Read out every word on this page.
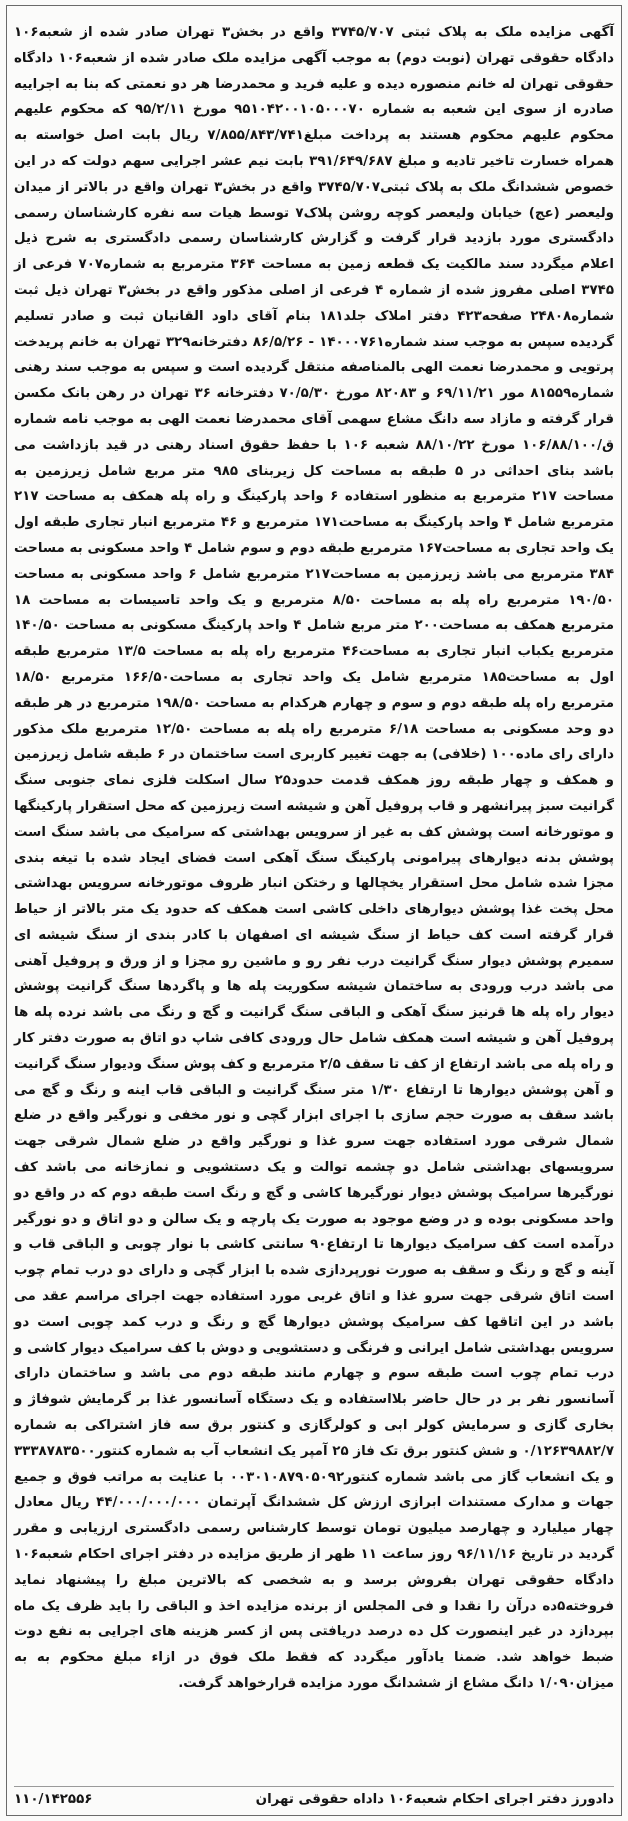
آگهی مزایده ملک به پلاک ثبتی ۳۷۴۵/۷۰۷ واقع در بخش۳ تهران صادر شده از شعبه۱۰۶ دادگاه حقوقی تهران (نوبت دوم) به موجب آگهی مزایده ملک صادر شده از شعبه۱۰۶ دادگاه حقوقی تهران له خانم منصوره دیده و علیه فرید و محمدرضا هر دو نعمتی که بنا به اجراییه صادره از سوی این شعبه به شماره ۹۵۱۰۴۲۰۰۱۰۵۰۰۰۷۰ مورخ ۹۵/۲/۱۱ که محکوم علیهم محکوم علیهم محکوم هستند به پرداخت مبلغ۷/۸۵۵/۸۴۳/۷۴۱ ریال بابت اصل خواسته به همراه خسارت تاخیر تادیه و مبلغ ۳۹۱/۶۴۹/۶۸۷ بابت نیم عشر اجرایی سهم دولت که در این خصوص ششدانگ ملک به پلاک ثبتی۳۷۴۵/۷۰۷ واقع در بخش۳ تهران واقع در بالاتر از میدان ولیعصر (عج) خیابان ولیعصر کوچه روشن پلاک۷ توسط هیات سه نفره کارشناسان رسمی دادگستری مورد بازدید قرار گرفت و گزارش کارشناسان رسمی دادگستری به شرح ذیل اعلام میگردد سند مالکیت یک قطعه زمین به مساحت ۳۶۴ مترمربع به شماره۷۰۷ فرعی از ۳۷۴۵ اصلی مفروز شده از شماره ۴ فرعی از اصلی مذکور واقع در بخش۳ تهران ذیل ثبت شماره۲۴۸۰۸ صفحه۴۲۳ دفتر املاک جلد۱۸۱ بنام آقای داود القانیان ثبت و صادر تسلیم گردیده سپس به موجب سند شماره۱۴۰۰۰۷۶۱ - ۸۶/۵/۲۶ دفترخانه۳۲۹ تهران به خانم پریدخت پرتویی و محمدرضا نعمت الهی بالمناصفه منتقل گردیده است و سپس به موجب سند رهنی شماره۸۱۵۵۹ مور ۶۹/۱۱/۲۱ و ۸۲۰۸۳ مورخ ۷۰/۵/۳۰ دفترخانه ۳۶ تهران در رهن بانک مکسن قرار گرفته و مازاد سه دانگ مشاع سهمی آقای محمدرضا نعمت الهی به موجب نامه شماره ق/۱۰۶/۸۸/۱۰۰ مورخ ۸۸/۱۰/۲۲ شعبه ۱۰۶ با حفظ حقوق اسناد رهنی در قید بازداشت می باشد بنای احداثی در ۵ طبقه به مساحت کل زیربنای ۹۸۵ متر مربع شامل زیرزمین به مساحت ۲۱۷ مترمربع به منظور استفاده ۶ واحد پارکینگ و راه پله همکف به مساحت ۲۱۷ مترمربع شامل ۴ واحد پارکینگ به مساحت۱۷۱ مترمربع و ۴۶ مترمربع انبار تجاری طبقه اول یک واحد تجاری به مساحت۱۶۷ مترمربع طبقه دوم و سوم شامل ۴ واحد مسکونی به مساحت ۳۸۴ مترمربع می باشد زیرزمین به مساحت۲۱۷ مترمربع شامل ۶ واحد مسکونی به مساحت ۱۹۰/۵۰ مترمربع راه پله به مساحت ۸/۵۰ مترمربع و یک واحد تاسیسات به مساحت ۱۸ مترمربع همکف به مساحت۲۰۰ متر مربع شامل ۴ واحد پارکینگ مسکونی به مساحت ۱۴۰/۵۰ مترمربع یکباب انبار تجاری به مساحت۴۶ مترمربع راه پله به مساحت ۱۳/۵ مترمربع طبقه اول به مساحت۱۸۵ مترمربع شامل یک واحد تجاری به مساحت۱۶۶/۵۰ مترمربع ۱۸/۵۰ مترمربع راه پله طبقه دوم و سوم و چهارم هرکدام به مساحت ۱۹۸/۵۰ مترمربع در هر طبقه دو وحد مسکونی به مساحت ۶/۱۸ مترمربع راه پله به مساحت ۱۲/۵۰ مترمربع ملک مذکور دارای رای ماده۱۰۰ (خلافی) به جهت تغییر کاربری است ساختمان در ۶ طبقه شامل زیرزمین و همکف و چهار طبقه روز همکف قدمت حدود۲۵ سال اسکلت فلزی نمای جنوبی سنگ گرانیت سبز پیرانشهر و قاب پروفیل آهن و شیشه است زیرزمین که محل استقرار پارکینگها و موتورخانه است پوشش کف به غیر از سرویس بهداشتی که سرامیک می باشد سنگ است پوشش بدنه دیوارهای پیرامونی پارکینگ سنگ آهکی است فضای ایجاد شده با تیغه بندی مجزا شده شامل محل استقرار یخچالها و رختکن انبار ظروف موتورخانه سرویس بهداشتی محل پخت غذا پوشش دیوارهای داخلی کاشی است همکف که حدود یک متر بالاتر از حیاط قرار گرفته است کف حیاط از سنگ شیشه ای اصفهان با کادر بندی از سنگ شیشه ای سمیرم پوشش دیوار سنگ گرانیت درب نفر رو و ماشین رو مجزا و از ورق و پروفیل آهنی می باشد درب ورودی به ساختمان شیشه سکوریت پله ها و پاگردها سنگ گرانیت پوشش دیوار راه پله ها قرنیز سنگ آهکی و الباقی سنگ گرانیت و گچ و رنگ می باشد نرده پله ها پروفیل آهن و شیشه است همکف شامل حال ورودی کافی شاپ دو اتاق به صورت دفتر کار و راه پله می باشد ارتفاع از کف تا سقف ۲/۵ مترمربع و کف پوش سنگ ودیوار سنگ گرانیت و آهن پوشش دیوارها تا ارتفاع ۱/۳۰ متر سنگ گرانیت و الباقی قاب اینه و رنگ و گچ می باشد سقف به صورت حجم سازی با اجرای ابزار گچی و نور مخفی و نورگیر واقع در ضلع شمال شرقی مورد استفاده جهت سرو غذا و نورگیر واقع در ضلع شمال شرقی جهت سرویسهای بهداشتی شامل دو چشمه توالت و یک دستشویی و نمازخانه می باشد کف نورگیرها سرامیک پوشش دیوار نورگیرها کاشی و گچ و رنگ است طبقه دوم که در واقع دو واحد مسکونی بوده و در وضع موجود به صورت یک پارچه و یک سالن و دو اتاق و دو نورگیر درآمده است کف سرامیک دیوارها تا ارتفاع۹۰ سانتی کاشی با نوار چوبی و الباقی قاب و آینه و گچ و رنگ و سقف به صورت نورپردازی شده با ابزار گچی و دارای دو درب تمام چوب است اتاق شرقی جهت سرو غذا و اتاق غربی مورد استفاده جهت اجرای مراسم عقد می باشد در این اتاقها کف سرامیک پوشش دیوارها گچ و رنگ و درب کمد چوبی است دو سرویس بهداشتی شامل ایرانی و فرنگی و دستشویی و دوش با کف سرامیک دیوار کاشی و درب تمام چوب است طبقه سوم و چهارم مانند طبقه دوم می باشد و ساختمان دارای آسانسور نفر بر در حال حاضر بلااستفاده و یک دستگاه آسانسور غذا بر گرمایش شوفاژ و بخاری گازی و سرمایش کولر ابی و کولرگازی و کنتور برق سه فاز اشتراکی به شماره ۰/۱۲۶۳۹۸۸۲/۷ و شش کنتور برق تک فاز ۲۵ آمپر یک انشعاب آب به شماره کنتور۳۳۳۸۷۸۳۵۰۰ و یک انشعاب گاز می باشد شماره کنتور۰۰۳۰۱۰۸۷۹۰۵۰۹۲ با عنایت به مراتب فوق و جمیع جهات و مدارک مستندات ابرازی ارزش کل ششدانگ آپرتمان ۴۴/۰۰۰/۰۰۰/۰۰۰ ریال معادل چهار میلیارد و چهارصد میلیون تومان توسط کارشناس رسمی دادگستری ارزیابی و مقرر گردید در تاریخ ۹۶/۱۱/۱۶ روز ساعت ۱۱ ظهر از طریق مزایده در دفتر اجرای احکام شعبه۱۰۶ دادگاه حقوقی تهران بفروش برسد و به شخصی که بالاترین مبلغ را پیشنهاد نماید فروخته۵ده درآن را نقدا و فی المجلس از برنده مزایده اخذ و الباقی را باید ظرف یک ماه بپردازد در غیر اینصورت کل ده درصد دریافتی پس از کسر هزینه های اجرایی به نفع دوت ضبط خواهد شد. ضمنا یادآور میگردد که فقط ملک فوق در ازاء مبلغ محکوم به به میزان۱/۰۹۰ دانگ مشاع از ششدانگ مورد مزایده قرارخواهد گرفت.
دادورز دفتر اجرای احکام شعبه۱۰۶ داداه حقوقی تهران
۱۱۰/۱۴۲۵۵۶
